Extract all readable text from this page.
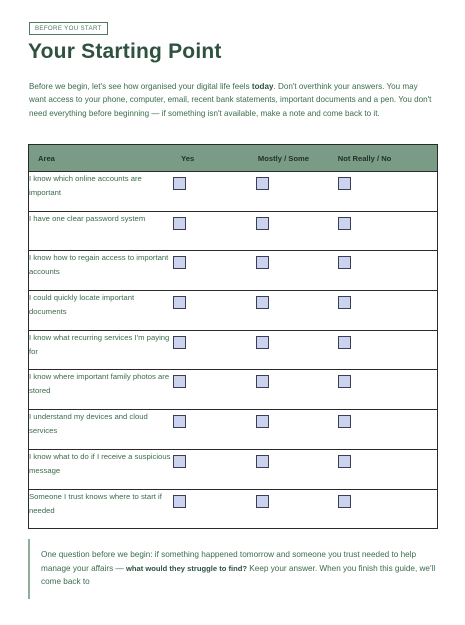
BEFORE YOU START
Your Starting Point

Before we begin, let's see how organised your digital life feels today. Don't overthink your answers. You may want access to your phone, computer, email, recent bank statements, important documents and a pen. You don't need everything before beginning — if something isn't available, make a note and come back to it.

Area	Yes	Mostly / Some	Not Really / No
I know which online accounts are important			
I have one clear password system			
I know how to regain access to important accounts			
I could quickly locate important documents			
I know what recurring services I'm paying for			
I know where important family photos are stored			
I understand my devices and cloud services			
I know what to do if I receive a suspicious message			
Someone I trust knows where to start if needed			

One question before we begin: if something happened tomorrow and someone you trust needed to help manage your affairs — what would they struggle to find? Keep your answer. When you finish this guide, we'll come back to
